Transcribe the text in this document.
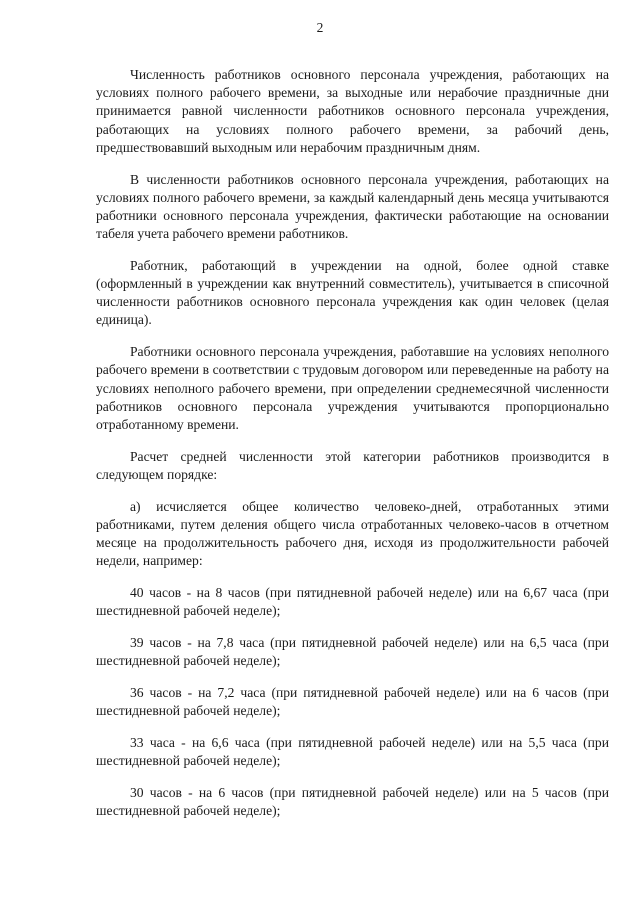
2

Численность работников основного персонала учреждения, работающих на условиях полного рабочего времени, за выходные или нерабочие праздничные дни принимается равной численности работников основного персонала учреждения, работающих на условиях полного рабочего времени, за рабочий день, предшествовавший выходным или нерабочим праздничным дням.

В численности работников основного персонала учреждения, работающих на условиях полного рабочего времени, за каждый календарный день месяца учитываются работники основного персонала учреждения, фактически работающие на основании табеля учета рабочего времени работников.

Работник, работающий в учреждении на одной, более одной ставке (оформленный в учреждении как внутренний совместитель), учитывается в списочной численности работников основного персонала учреждения как один человек (целая единица).

Работники основного персонала учреждения, работавшие на условиях неполного рабочего времени в соответствии с трудовым договором или переведенные на работу на условиях неполного рабочего времени, при определении среднемесячной численности работников основного персонала учреждения учитываются пропорционально отработанному времени.

Расчет средней численности этой категории работников производится в следующем порядке:

а) исчисляется общее количество человеко-дней, отработанных этими работниками, путем деления общего числа отработанных человеко-часов в отчетном месяце на продолжительность рабочего дня, исходя из продолжительности рабочей недели, например:

40 часов - на 8 часов (при пятидневной рабочей неделе) или на 6,67 часа (при шестидневной рабочей неделе);

39 часов - на 7,8 часа (при пятидневной рабочей неделе) или на 6,5 часа (при шестидневной рабочей неделе);

36 часов - на 7,2 часа (при пятидневной рабочей неделе) или на 6 часов (при шестидневной рабочей неделе);

33 часа - на 6,6 часа (при пятидневной рабочей неделе) или на 5,5 часа (при шестидневной рабочей неделе);

30 часов - на 6 часов (при пятидневной рабочей неделе) или на 5 часов (при шестидневной рабочей неделе);
